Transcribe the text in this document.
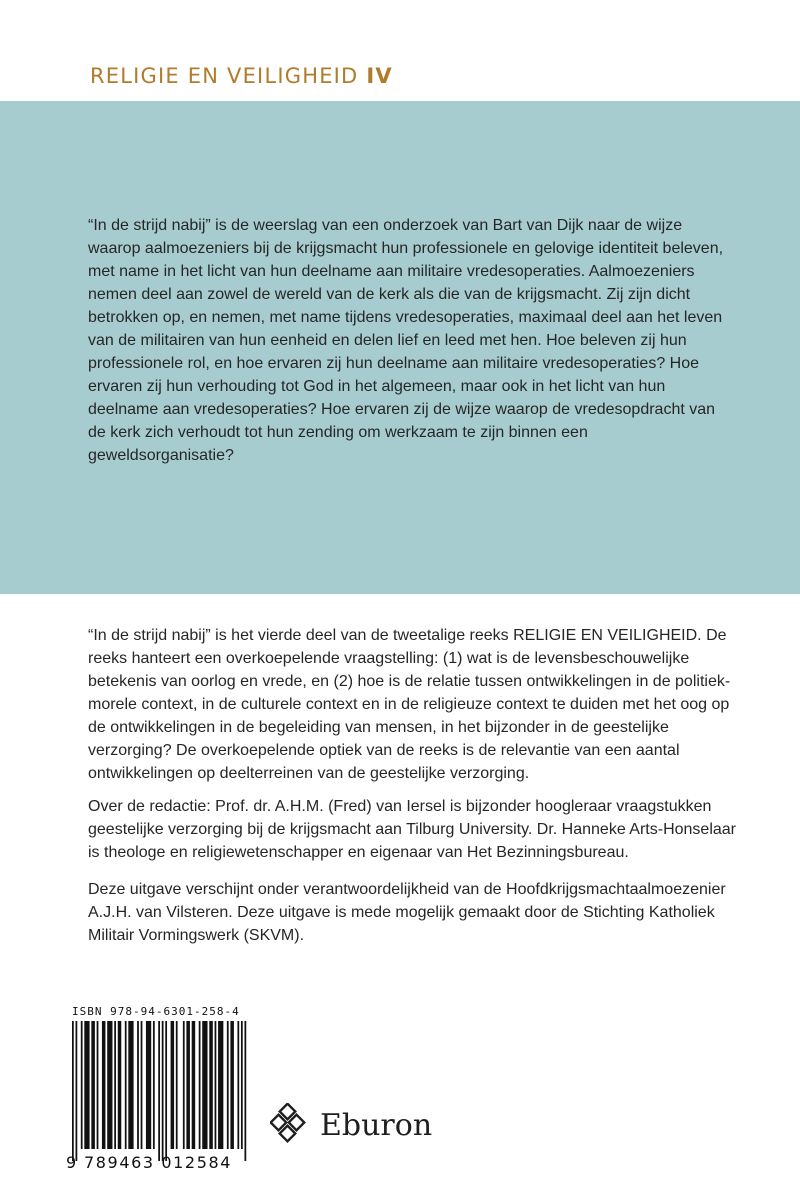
RELIGIE EN VEILIGHEID IV

“In de strijd nabij” is de weerslag van een onderzoek van Bart van Dijk naar de wijze waarop aalmoezeniers bij de krijgsmacht hun professionele en gelovige identiteit beleven, met name in het licht van hun deelname aan militaire vredesoperaties. Aalmoezeniers nemen deel aan zowel de wereld van de kerk als die van de krijgsmacht. Zij zijn dicht betrokken op, en nemen, met name tijdens vredesoperaties, maximaal deel aan het leven van de militairen van hun eenheid en delen lief en leed met hen. Hoe beleven zij hun professionele rol, en hoe ervaren zij hun deelname aan militaire vredesoperaties? Hoe ervaren zij hun verhouding tot God in het algemeen, maar ook in het licht van hun deelname aan vredesoperaties? Hoe ervaren zij de wijze waarop de vredesopdracht van de kerk zich verhoudt tot hun zending om werkzaam te zijn binnen een geweldsorganisatie?

“In de strijd nabij” is het vierde deel van de tweetalige reeks RELIGIE EN VEILIGHEID. De reeks hanteert een overkoepelende vraagstelling: (1) wat is de levensbeschouwelijke betekenis van oorlog en vrede, en (2) hoe is de relatie tussen ontwikkelingen in de politiek-morele context, in de culturele context en in de religieuze context te duiden met het oog op de ontwikkelingen in de begeleiding van mensen, in het bijzonder in de geestelijke verzorging? De overkoepelende optiek van de reeks is de relevantie van een aantal ontwikkelingen op deelterreinen van de geestelijke verzorging.

Over de redactie: Prof. dr. A.H.M. (Fred) van Iersel is bijzonder hoogleraar vraagstukken geestelijke verzorging bij de krijgsmacht aan Tilburg University. Dr. Hanneke Arts-Honselaar is theologe en religiewetenschapper en eigenaar van Het Bezinningsbureau.

Deze uitgave verschijnt onder verantwoordelijkheid van de Hoofdkrijgsmachtaalmoezenier A.J.H. van Vilsteren. Deze uitgave is mede mogelijk gemaakt door de Stichting Katholiek Militair Vormingswerk (SKVM).

ISBN 978-94-6301-258-4
9 789463 012584
Eburon
